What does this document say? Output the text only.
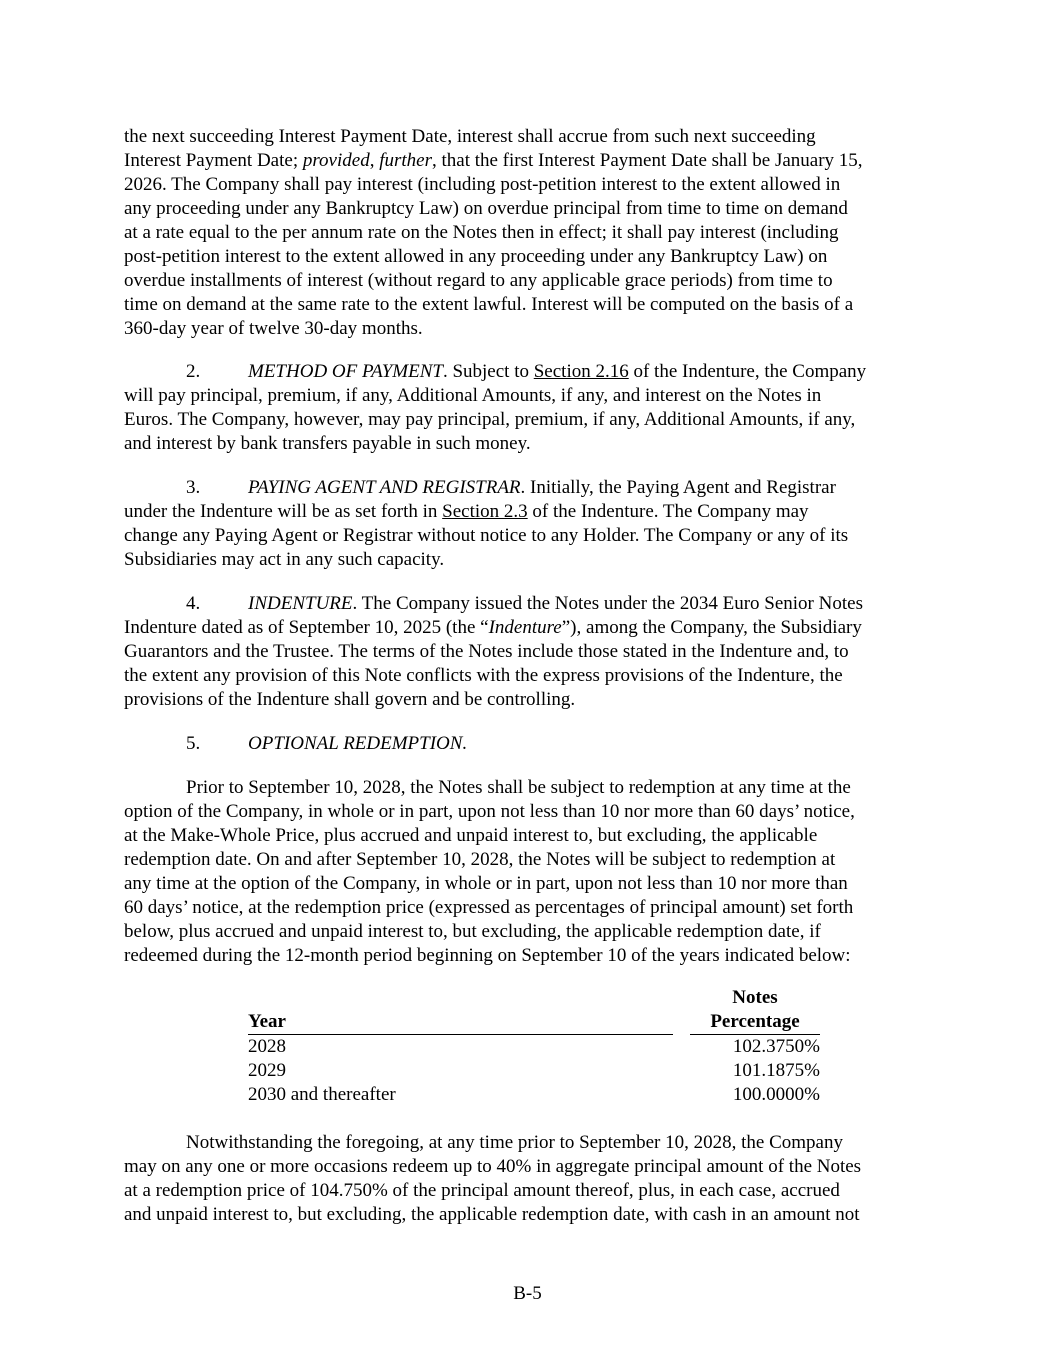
the next succeeding Interest Payment Date, interest shall accrue from such next succeeding
Interest Payment Date; provided, further, that the first Interest Payment Date shall be January 15,
2026. The Company shall pay interest (including post-petition interest to the extent allowed in
any proceeding under any Bankruptcy Law) on overdue principal from time to time on demand
at a rate equal to the per annum rate on the Notes then in effect; it shall pay interest (including
post-petition interest to the extent allowed in any proceeding under any Bankruptcy Law) on
overdue installments of interest (without regard to any applicable grace periods) from time to
time on demand at the same rate to the extent lawful. Interest will be computed on the basis of a
360-day year of twelve 30-day months.
2.	METHOD OF PAYMENT. Subject to Section 2.16 of the Indenture, the Company
will pay principal, premium, if any, Additional Amounts, if any, and interest on the Notes in
Euros. The Company, however, may pay principal, premium, if any, Additional Amounts, if any,
and interest by bank transfers payable in such money.
3.	PAYING AGENT AND REGISTRAR. Initially, the Paying Agent and Registrar
under the Indenture will be as set forth in Section 2.3 of the Indenture. The Company may
change any Paying Agent or Registrar without notice to any Holder. The Company or any of its
Subsidiaries may act in any such capacity.
4.	INDENTURE. The Company issued the Notes under the 2034 Euro Senior Notes
Indenture dated as of September 10, 2025 (the “Indenture”), among the Company, the Subsidiary
Guarantors and the Trustee. The terms of the Notes include those stated in the Indenture and, to
the extent any provision of this Note conflicts with the express provisions of the Indenture, the
provisions of the Indenture shall govern and be controlling.
5.	OPTIONAL REDEMPTION.
Prior to September 10, 2028, the Notes shall be subject to redemption at any time at the
option of the Company, in whole or in part, upon not less than 10 nor more than 60 days’ notice,
at the Make-Whole Price, plus accrued and unpaid interest to, but excluding, the applicable
redemption date. On and after September 10, 2028, the Notes will be subject to redemption at
any time at the option of the Company, in whole or in part, upon not less than 10 nor more than
60 days’ notice, at the redemption price (expressed as percentages of principal amount) set forth
below, plus accrued and unpaid interest to, but excluding, the applicable redemption date, if
redeemed during the 12-month period beginning on September 10 of the years indicated below:
		Notes
Year		Percentage
2028		102.3750%
2029		101.1875%
2030 and thereafter		100.0000%
Notwithstanding the foregoing, at any time prior to September 10, 2028, the Company
may on any one or more occasions redeem up to 40% in aggregate principal amount of the Notes
at a redemption price of 104.750% of the principal amount thereof, plus, in each case, accrued
and unpaid interest to, but excluding, the applicable redemption date, with cash in an amount not
B-5
